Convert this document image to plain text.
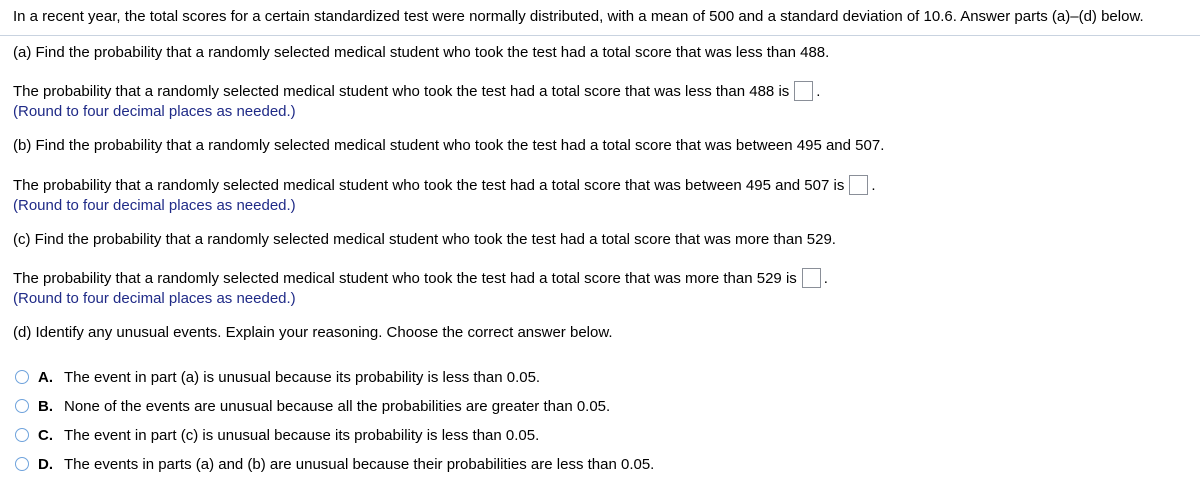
In a recent year, the total scores for a certain standardized test were normally distributed, with a mean of 500 and a standard deviation of 10.6. Answer parts (a)–(d) below.
(a) Find the probability that a randomly selected medical student who took the test had a total score that was less than 488.
The probability that a randomly selected medical student who took the test had a total score that was less than 488 is .
(Round to four decimal places as needed.)
(b) Find the probability that a randomly selected medical student who took the test had a total score that was between 495 and 507.
The probability that a randomly selected medical student who took the test had a total score that was between 495 and 507 is .
(Round to four decimal places as needed.)
(c) Find the probability that a randomly selected medical student who took the test had a total score that was more than 529.
The probability that a randomly selected medical student who took the test had a total score that was more than 529 is .
(Round to four decimal places as needed.)
(d) Identify any unusual events. Explain your reasoning. Choose the correct answer below.
A. The event in part (a) is unusual because its probability is less than 0.05.
B. None of the events are unusual because all the probabilities are greater than 0.05.
C. The event in part (c) is unusual because its probability is less than 0.05.
D. The events in parts (a) and (b) are unusual because their probabilities are less than 0.05.
